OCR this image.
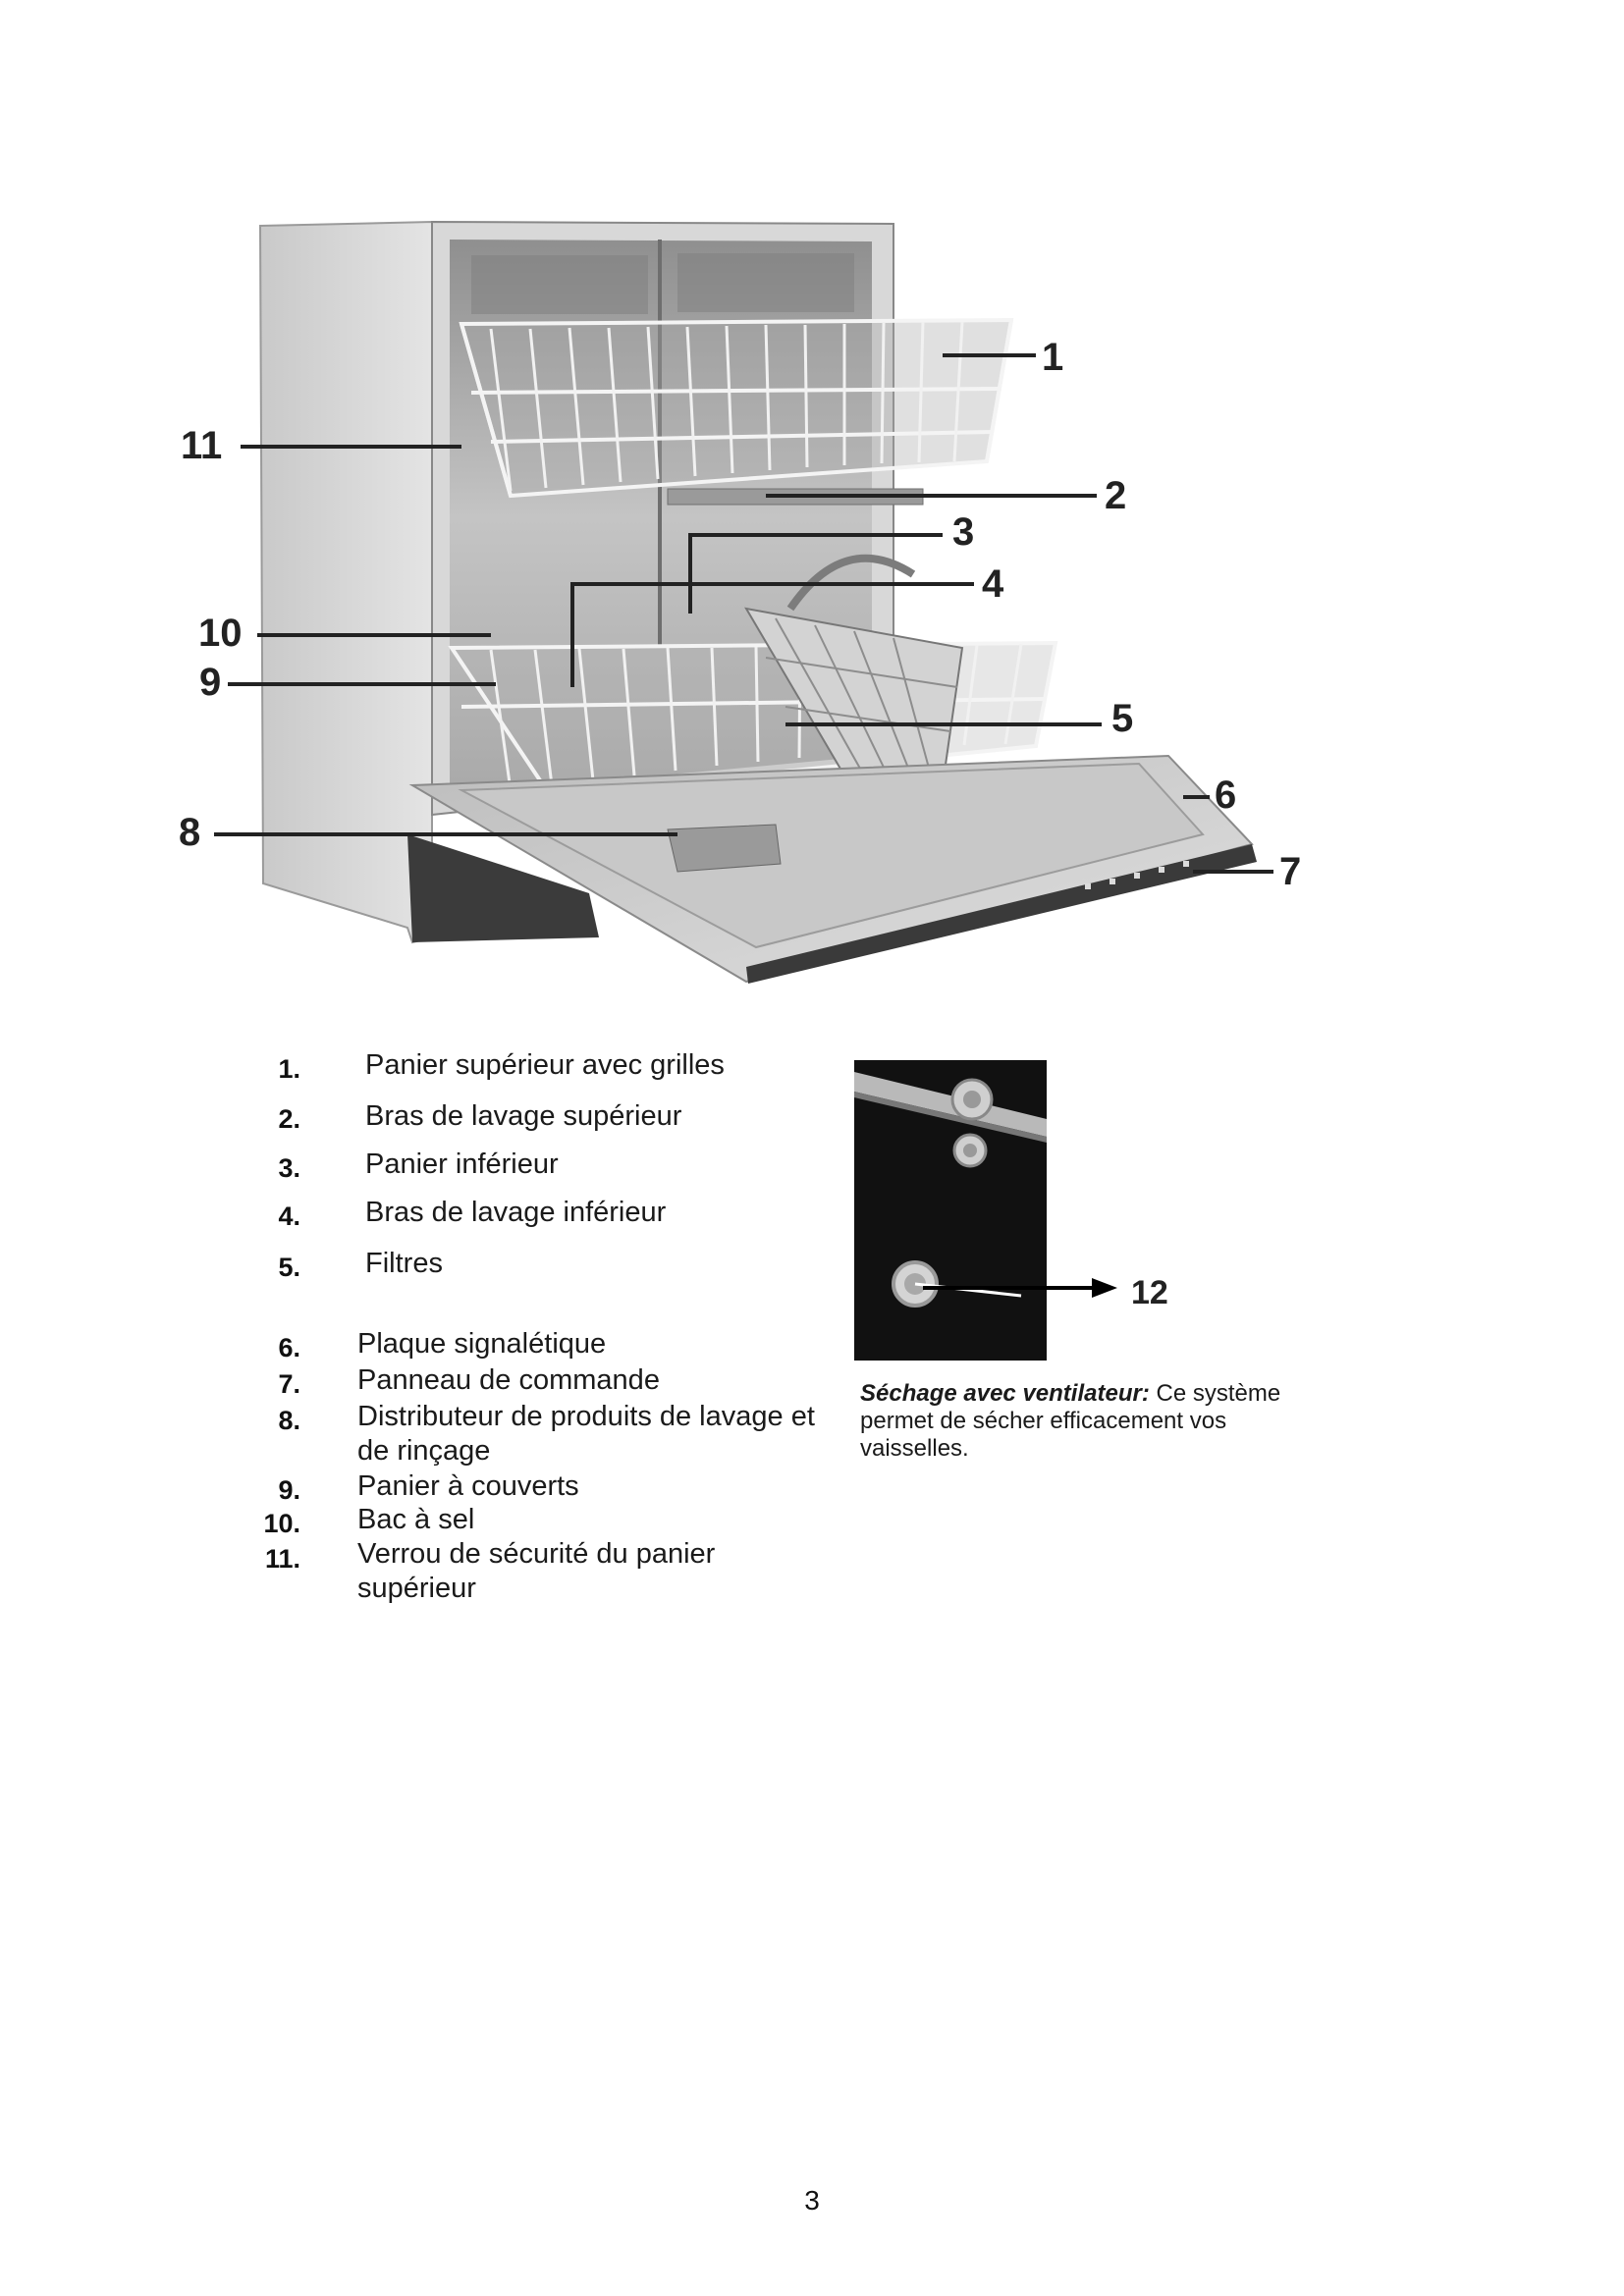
1
2
3
4
5
6
7
8
9
10
11
1. Panier supérieur avec grilles
2. Bras de lavage supérieur
3. Panier inférieur
4. Bras de lavage inférieur
5. Filtres
6. Plaque signalétique
7. Panneau de commande
8. Distributeur de produits de lavage et de rinçage
9. Panier à couverts
10. Bac à sel
11. Verrou de sécurité du panier supérieur
12
Séchage avec ventilateur: Ce système permet de sécher efficacement vos vaisselles.
3
